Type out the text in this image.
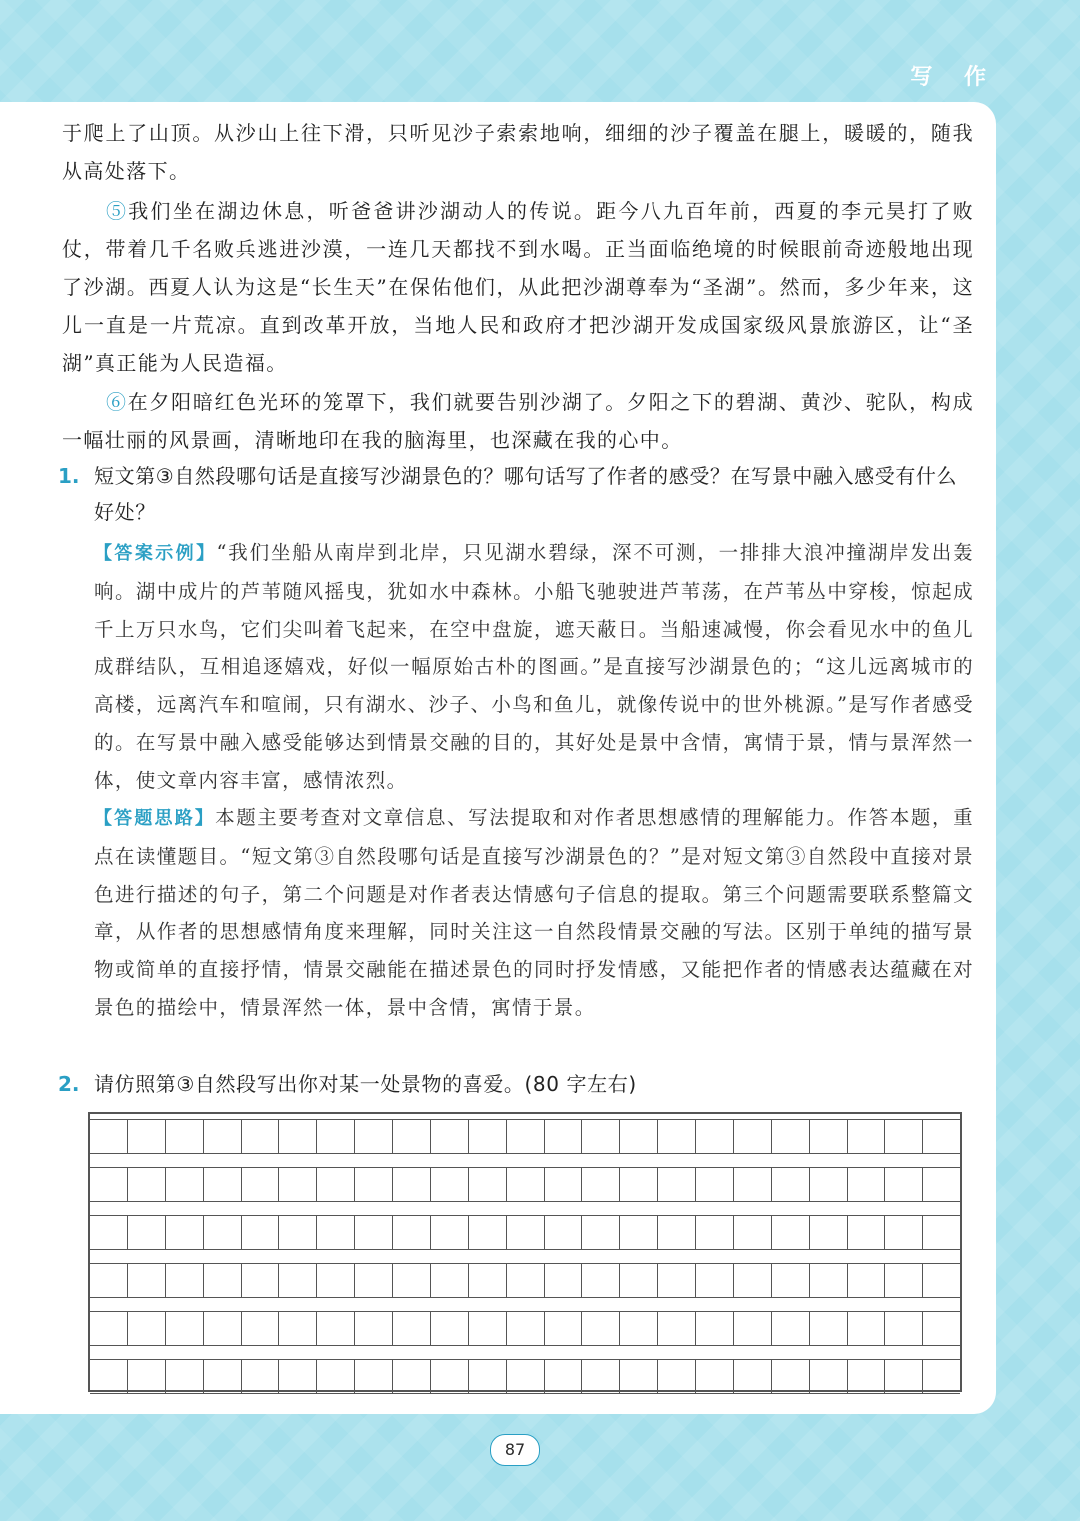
写 作

于爬上了山顶。从沙山上往下滑，只听见沙子索索地响，细细的沙子覆盖在腿上，暖暖的，随我从高处落下。

⑤我们坐在湖边休息，听爸爸讲沙湖动人的传说。距今八九百年前，西夏的李元昊打了败仗，带着几千名败兵逃进沙漠，一连几天都找不到水喝。正当面临绝境的时候眼前奇迹般地出现了沙湖。西夏人认为这是“长生天”在保佑他们，从此把沙湖尊奉为“圣湖”。然而，多少年来，这儿一直是一片荒凉。直到改革开放，当地人民和政府才把沙湖开发成国家级风景旅游区，让“圣湖”真正能为人民造福。

⑥在夕阳暗红色光环的笼罩下，我们就要告别沙湖了。夕阳之下的碧湖、黄沙、驼队，构成一幅壮丽的风景画，清晰地印在我的脑海里，也深藏在我的心中。

1. 短文第③自然段哪句话是直接写沙湖景色的？哪句话写了作者的感受？在写景中融入感受有什么好处？

【答案示例】“我们坐船从南岸到北岸，只见湖水碧绿，深不可测，一排排大浪冲撞湖岸发出轰响。湖中成片的芦苇随风摇曳，犹如水中森林。小船飞驰驶进芦苇荡，在芦苇丛中穿梭，惊起成千上万只水鸟，它们尖叫着飞起来，在空中盘旋，遮天蔽日。当船速减慢，你会看见水中的鱼儿成群结队，互相追逐嬉戏，好似一幅原始古朴的图画。”是直接写沙湖景色的；“这儿远离城市的高楼，远离汽车和喧闹，只有湖水、沙子、小鸟和鱼儿，就像传说中的世外桃源。”是写作者感受的。在写景中融入感受能够达到情景交融的目的，其好处是景中含情，寓情于景，情与景浑然一体，使文章内容丰富，感情浓烈。

【答题思路】本题主要考查对文章信息、写法提取和对作者思想感情的理解能力。作答本题，重点在读懂题目。“短文第③自然段哪句话是直接写沙湖景色的？”是对短文第③自然段中直接对景色进行描述的句子，第二个问题是对作者表达情感句子信息的提取。第三个问题需要联系整篇文章，从作者的思想感情角度来理解，同时关注这一自然段情景交融的写法。区别于单纯的描写景物或简单的直接抒情，情景交融能在描述景色的同时抒发情感，又能把作者的情感表达蕴藏在对景色的描绘中，情景浑然一体，景中含情，寓情于景。

2. 请仿照第③自然段写出你对某一处景物的喜爱。(80 字左右)
87
